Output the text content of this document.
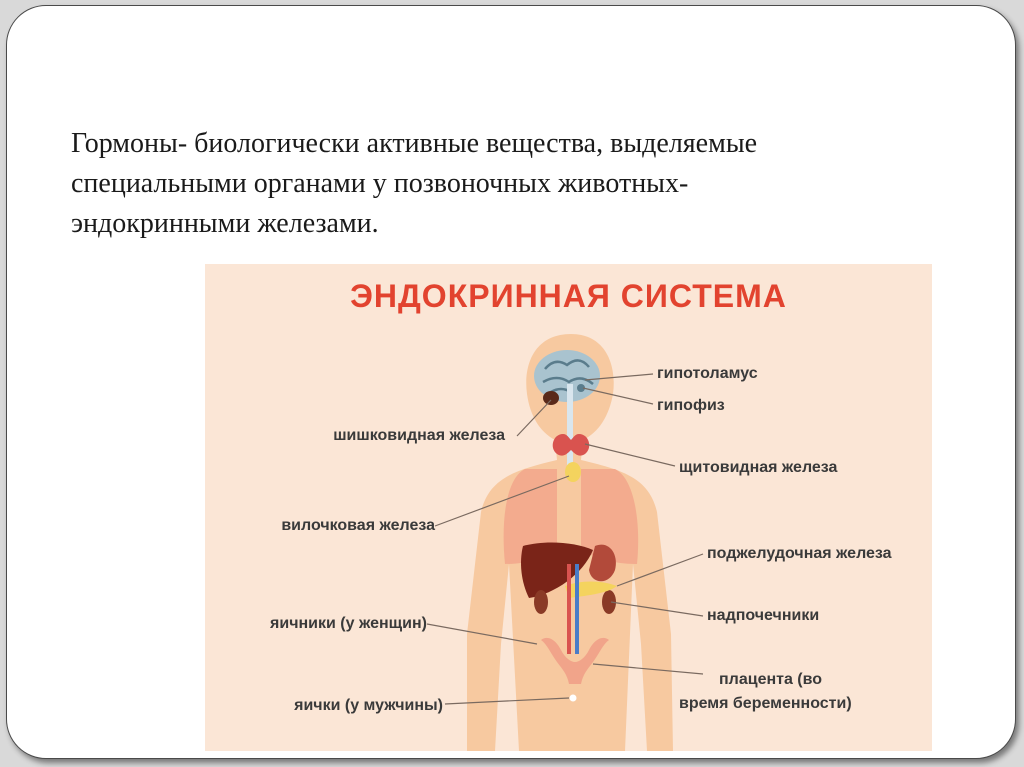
Гормоны- биологически активные вещества, выделяемые
специальными органами у позвоночных животных-
эндокринными железами.
ЭНДОКРИННАЯ СИСТЕМА
гипотоламус
гипофиз
шишковидная железа
щитовидная железа
вилочковая железа
поджелудочная железа
яичники (у женщин)	надпочечники
плацента (во
время беременности)
яички (у мужчины)
